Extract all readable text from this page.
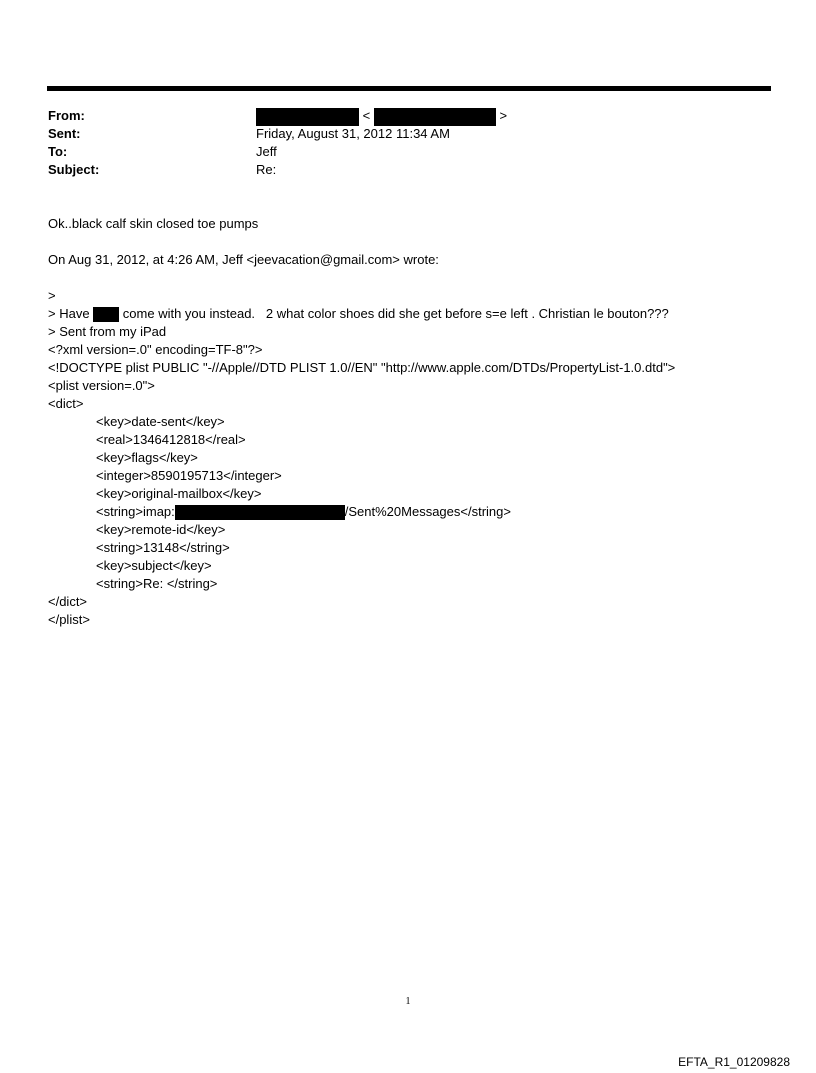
From:	<	>
Sent:	Friday, August 31, 2012 11:34 AM
To:	Jeff
Subject:	Re:
Ok..black calf skin closed toe pumps
On Aug 31, 2012, at 4:26 AM, Jeff <jeevacation@gmail.com> wrote:
>
> Have  come with you instead.   2 what color shoes did she get before s=e left . Christian le bouton???
> Sent from my iPad
<?xml version=.0" encoding=TF-8"?>
<!DOCTYPE plist PUBLIC "-//Apple//DTD PLIST 1.0//EN" "http://www.apple.com/DTDs/PropertyList-1.0.dtd">
<plist version=.0">
<dict>
<key>date-sent</key>
<real>1346412818</real>
<key>flags</key>
<integer>8590195713</integer>
<key>original-mailbox</key>
<string>imap:	/Sent%20Messages</string>
<key>remote-id</key>
<string>13148</string>
<key>subject</key>
<string>Re: </string>
</dict>
</plist>
1
EFTA_R1_01209828
